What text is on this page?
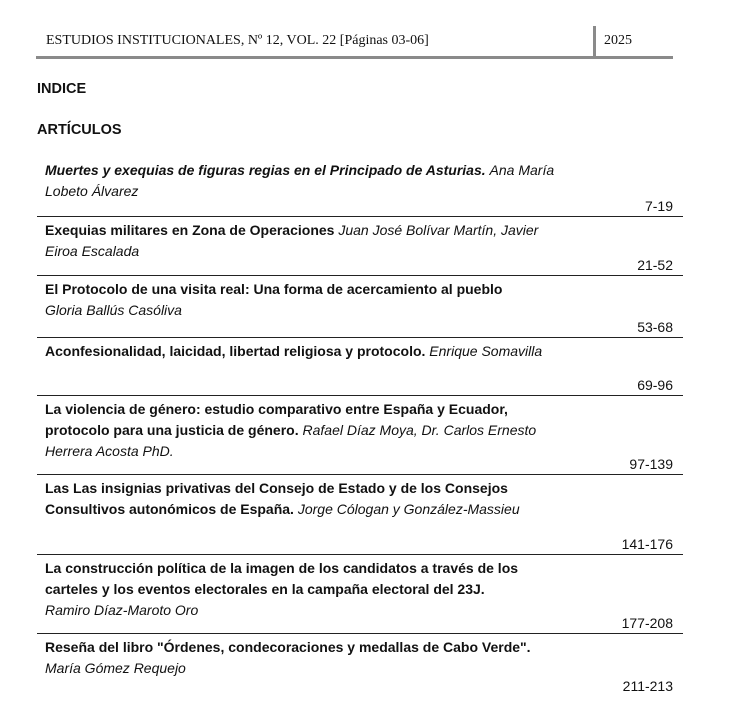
ESTUDIOS INSTITUCIONALES, Nº 12, VOL. 22 [Páginas 03-06]	2025
INDICE
ARTÍCULOS
Muertes y exequias de figuras regias en el Principado de Asturias. Ana María Lobeto Álvarez
7-19
Exequias militares en Zona de Operaciones Juan José Bolívar Martín, Javier Eiroa Escalada
21-52
El Protocolo de una visita real: Una forma de acercamiento al pueblo
Gloria Ballús Casóliva
53-68
Aconfesionalidad, laicidad, libertad religiosa y protocolo. Enrique Somavilla
69-96
La violencia de género: estudio comparativo entre España y Ecuador, protocolo para una justicia de género. Rafael Díaz Moya, Dr. Carlos Ernesto Herrera Acosta PhD.
97-139
Las Las insignias privativas del Consejo de Estado y de los Consejos Consultivos autonómicos de España. Jorge Cólogan y González-Massieu
141-176
La construcción política de la imagen de los candidatos a través de los carteles y los eventos electorales en la campaña electoral del 23J.
Ramiro Díaz-Maroto Oro
177-208
Reseña del libro "Órdenes, condecoraciones y medallas de Cabo Verde". María Gómez Requejo
211-213
